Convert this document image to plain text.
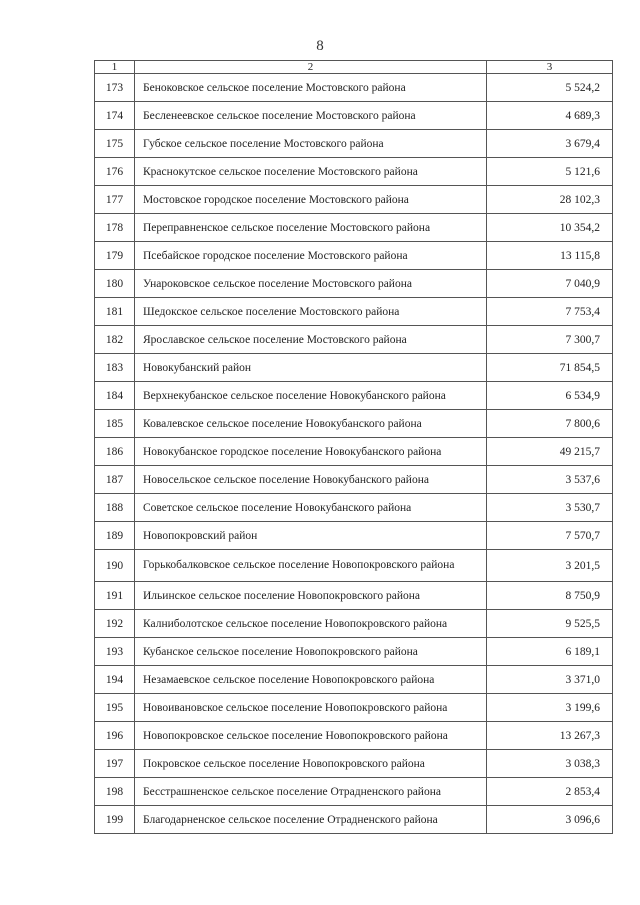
8
1	2	3
173	Беноковское сельское поселение Мостовского района	5 524,2
174	Бесленеевское сельское поселение Мостовского района	4 689,3
175	Губское сельское поселение Мостовского района	3 679,4
176	Краснокутское сельское поселение Мостовского района	5 121,6
177	Мостовское городское поселение Мостовского района	28 102,3
178	Переправненское сельское поселение Мостовского района	10 354,2
179	Псебайское городское поселение Мостовского района	13 115,8
180	Унароковское сельское поселение Мостовского района	7 040,9
181	Шедокское сельское поселение Мостовского района	7 753,4
182	Ярославское сельское поселение Мостовского района	7 300,7
183	Новокубанский район	71 854,5
184	Верхнекубанское сельское поселение Новокубанского района	6 534,9
185	Ковалевское сельское поселение Новокубанского района	7 800,6
186	Новокубанское городское поселение Новокубанского района	49 215,7
187	Новосельское сельское поселение Новокубанского района	3 537,6
188	Советское сельское поселение Новокубанского района	3 530,7
189	Новопокровский район	7 570,7
190	Горькобалковское сельское поселение Новопокровского района	3 201,5
191	Ильинское сельское поселение Новопокровского района	8 750,9
192	Калниболотское сельское поселение Новопокровского района	9 525,5
193	Кубанское сельское поселение Новопокровского района	6 189,1
194	Незамаевское сельское поселение Новопокровского района	3 371,0
195	Новоивановское сельское поселение Новопокровского района	3 199,6
196	Новопокровское сельское поселение Новопокровского района	13 267,3
197	Покровское сельское поселение Новопокровского района	3 038,3
198	Бесстрашненское сельское поселение Отрадненского района	2 853,4
199	Благодарненское сельское поселение Отрадненского района	3 096,6
